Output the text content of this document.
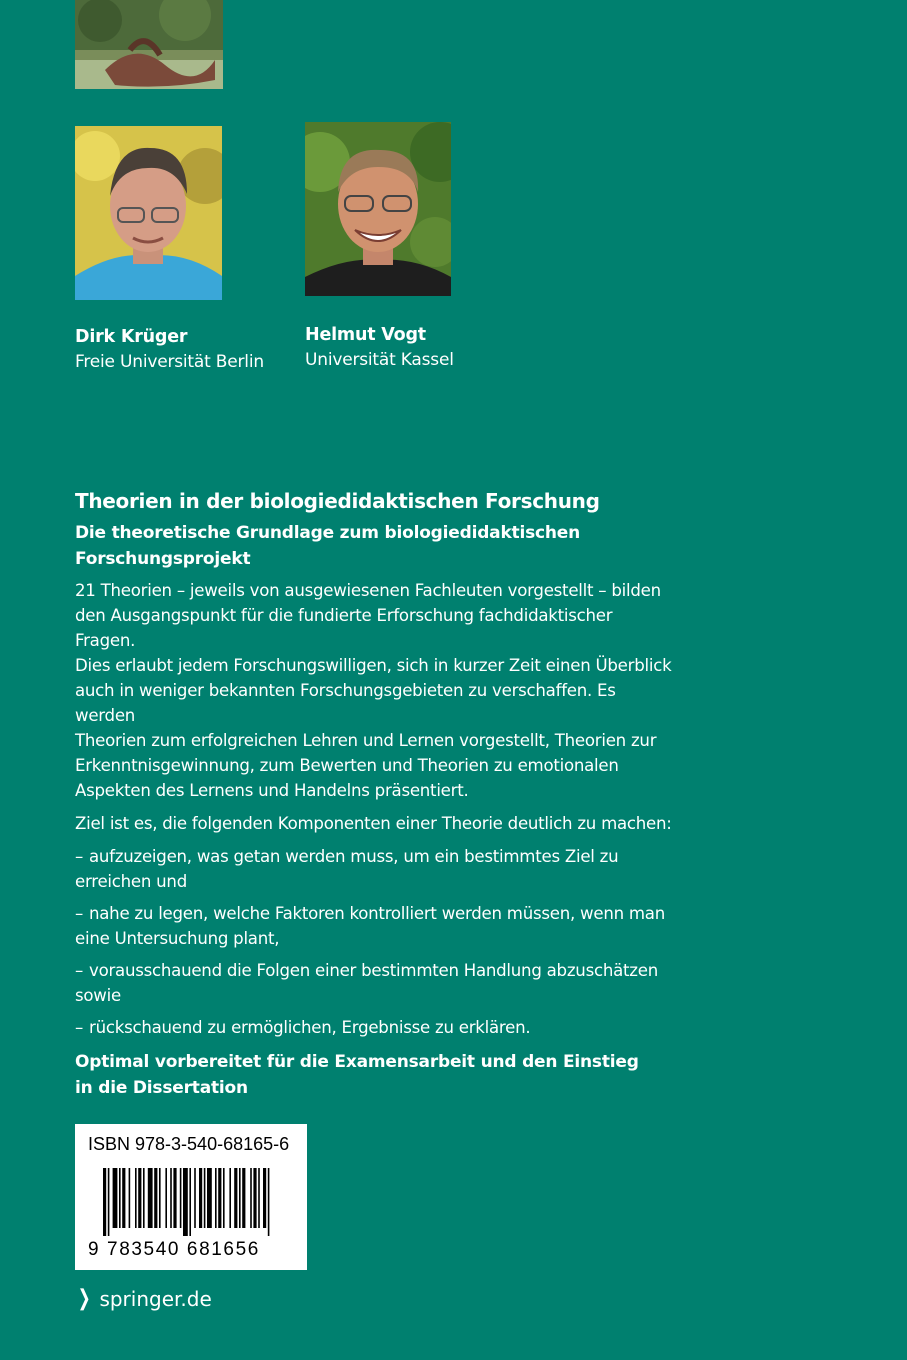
Dirk Krüger
Freie Universität Berlin
Helmut Vogt
Universität Kassel
Theorien in der biologiedidaktischen Forschung
Die theoretische Grundlage zum biologiedidaktischen
Forschungsprojekt
21 Theorien – jeweils von ausgewiesenen Fachleuten vorgestellt – bilden
den Ausgangspunkt für die fundierte Erforschung fachdidaktischer Fragen.
Dies erlaubt jedem Forschungswilligen, sich in kurzer Zeit einen Überblick
auch in weniger bekannten Forschungsgebieten zu verschaffen. Es werden
Theorien zum erfolgreichen Lehren und Lernen vorgestellt, Theorien zur
Erkenntnisgewinnung, zum Bewerten und Theorien zu emotionalen
Aspekten des Lernens und Handelns präsentiert.
Ziel ist es, die folgenden Komponenten einer Theorie deutlich zu machen:
– aufzuzeigen, was getan werden muss, um ein bestimmtes Ziel zu
erreichen und
– nahe zu legen, welche Faktoren kontrolliert werden müssen, wenn man
eine Untersuchung plant,
– vorausschauend die Folgen einer bestimmten Handlung abzuschätzen
sowie
– rückschauend zu ermöglichen, Ergebnisse zu erklären.
Optimal vorbereitet für die Examensarbeit und den Einstieg
in die Dissertation
ISBN 978-3-540-68165-6
9 783540 681656
❯ springer.de
